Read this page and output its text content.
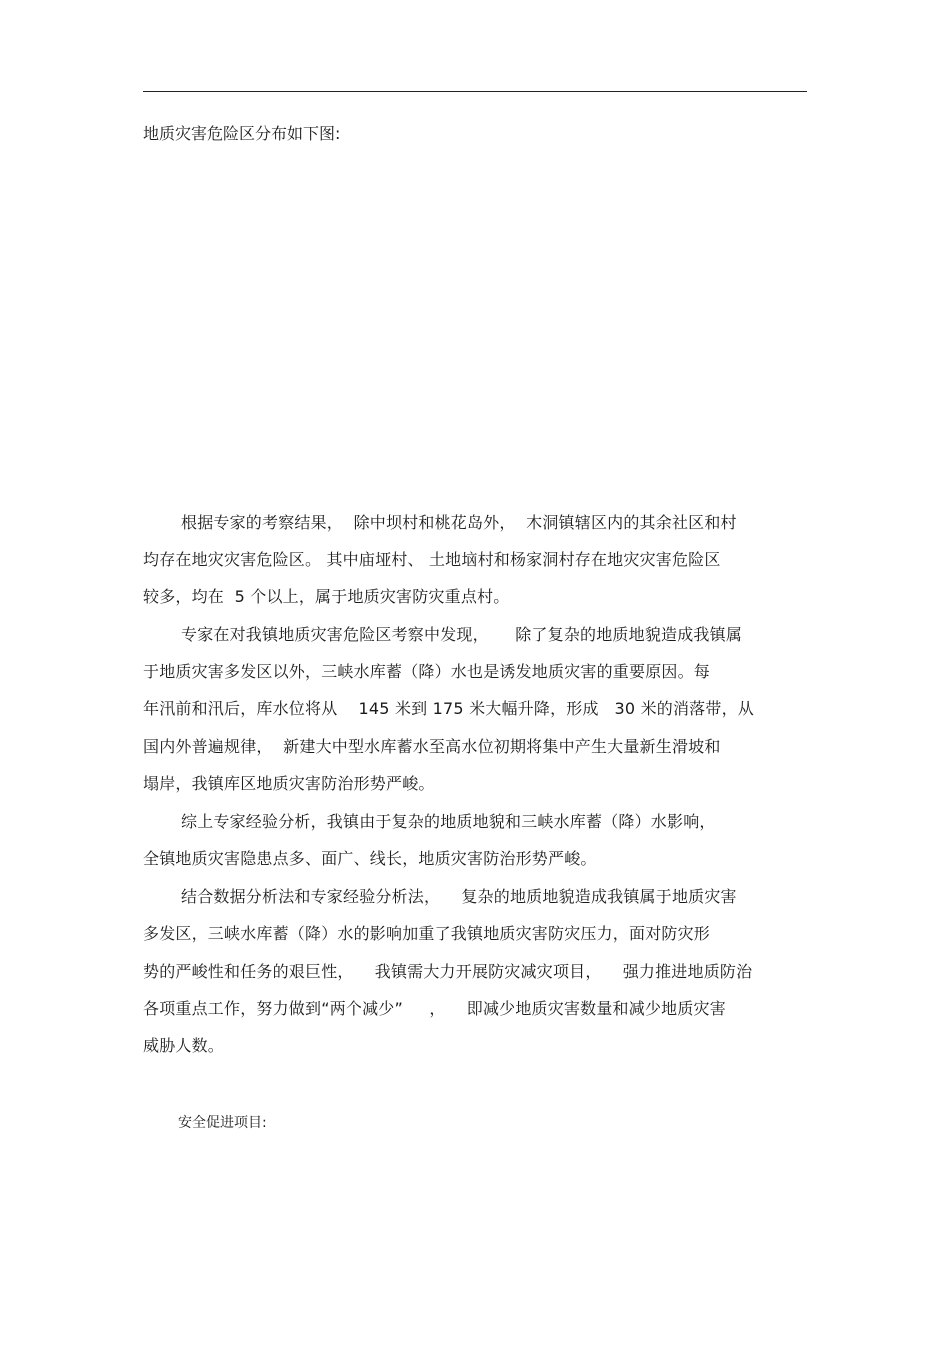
地质灾害危险区分布如下图:
根据专家的考察结果，  除中坝村和桃花岛外，  木洞镇辖区内的其余社区和村
均存在地灾灾害危险区。 其中庙垭村、 土地垴村和杨家洞村存在地灾灾害危险区
较多，均在  5 个以上，属于地质灾害防灾重点村。
专家在对我镇地质灾害危险区考察中发现，     除了复杂的地质地貌造成我镇属
于地质灾害多发区以外，三峡水库蓄（降）水也是诱发地质灾害的重要原因。每
年汛前和汛后，库水位将从    145 米到 175 米大幅升降，形成   30 米的消落带，从
国内外普遍规律，  新建大中型水库蓄水至高水位初期将集中产生大量新生滑坡和
塌岸，我镇库区地质灾害防治形势严峻。
综上专家经验分析，我镇由于复杂的地质地貌和三峡水库蓄（降）水影响，
全镇地质灾害隐患点多、面广、线长，地质灾害防治形势严峻。
结合数据分析法和专家经验分析法，    复杂的地质地貌造成我镇属于地质灾害
多发区，三峡水库蓄（降）水的影响加重了我镇地质灾害防灾压力，面对防灾形
势的严峻性和任务的艰巨性，    我镇需大力开展防灾减灾项目，    强力推进地质防治
各项重点工作，努力做到“两个减少”     ，    即减少地质灾害数量和减少地质灾害
威胁人数。
安全促进项目:
